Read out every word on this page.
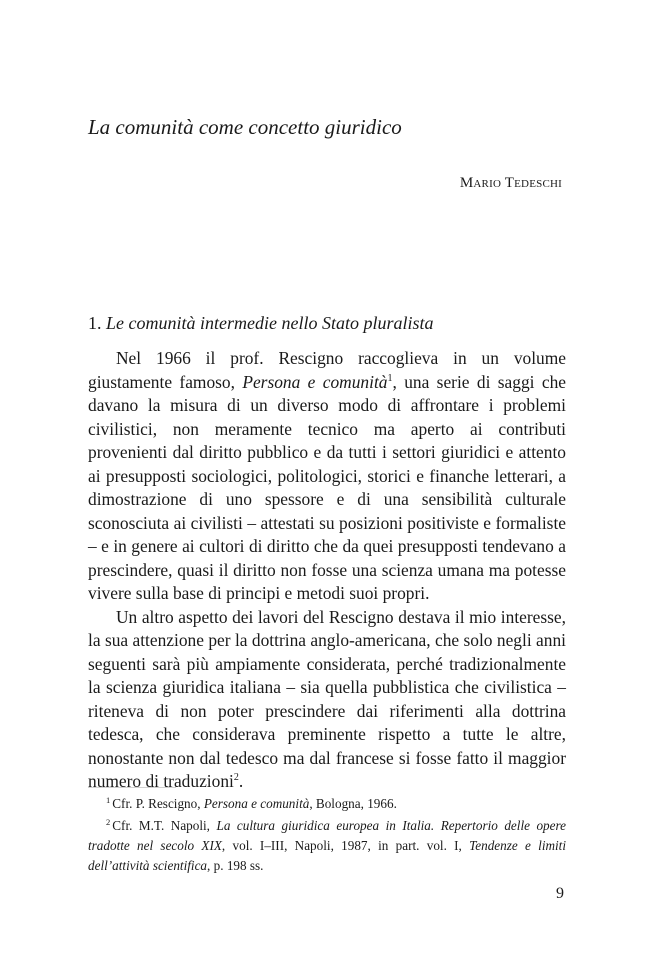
La comunità come concetto giuridico
Mario Tedeschi
1. Le comunità intermedie nello Stato pluralista

Nel 1966 il prof. Rescigno raccoglieva in un volume giustamente famoso, Persona e comunità$^1$, una serie di saggi che davano la misura di un diverso modo di affrontare i problemi civilistici, non meramente tecnico ma aperto ai contributi provenienti dal diritto pubblico e da tutti i settori giuridici e attento ai presupposti sociologici, politologici, storici e finanche letterari, a dimostrazione di uno spessore e di una sensibilità culturale sconosciuta ai civilisti – attestati su posizioni positiviste e formaliste – e in genere ai cultori di diritto che da quei presupposti tendevano a prescindere, quasi il diritto non fosse una scienza umana ma potesse vivere sulla base di principi e metodi suoi propri.

Un altro aspetto dei lavori del Rescigno destava il mio interesse, la sua attenzione per la dottrina anglo-americana, che solo negli anni seguenti sarà più ampiamente considerata, perché tradizionalmente la scienza giuridica italiana – sia quella pubblistica che civilistica – riteneva di non poter prescindere dai riferimenti alla dottrina tedesca, che considerava preminente rispetto a tutte le altre, nonostante non dal tedesco ma dal francese si fosse fatto il maggior numero di traduzioni$^2$.

$^1$ Cfr. P. Rescigno, Persona e comunità, Bologna, 1966.

$^2$ Cfr. M.T. Napoli, La cultura giuridica europea in Italia. Repertorio delle opere tradotte nel secolo XIX, vol. I–III, Napoli, 1987, in part. vol. I, Tendenze e limiti dell’attività scientifica, p. 198 ss.

9
